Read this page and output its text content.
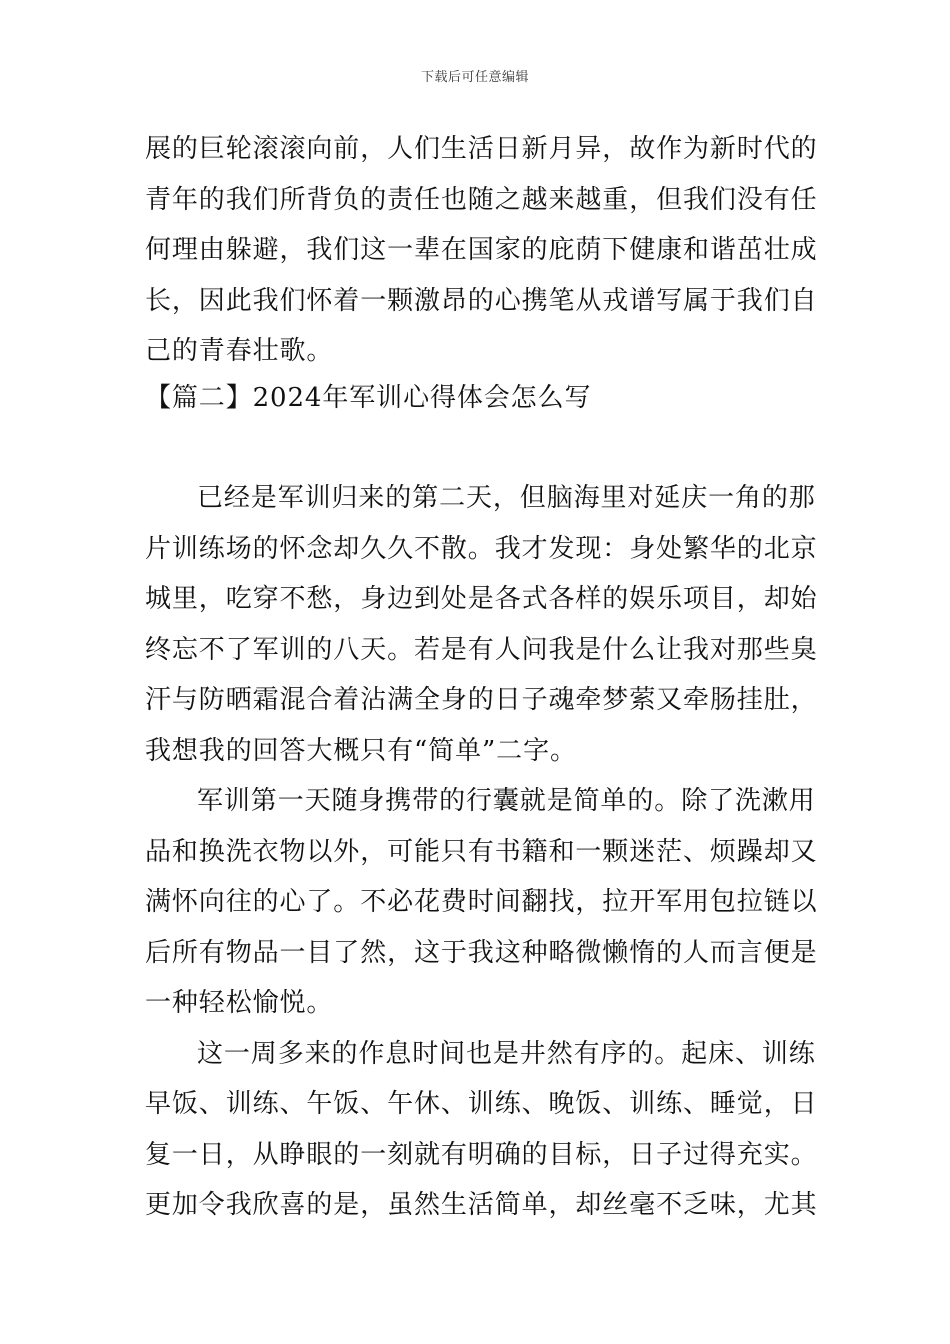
下载后可任意编辑
展的巨轮滚滚向前，人们生活日新月异，故作为新时代的
青年的我们所背负的责任也随之越来越重，但我们没有任
何理由躲避，我们这一辈在国家的庇荫下健康和谐茁壮成
长，因此我们怀着一颗激昂的心携笔从戎谱写属于我们自
己的青春壮歌。
【篇二】2024年军训心得体会怎么写
已经是军训归来的第二天，但脑海里对延庆一角的那
片训练场的怀念却久久不散。我才发现：身处繁华的北京
城里，吃穿不愁，身边到处是各式各样的娱乐项目，却始
终忘不了军训的八天。若是有人问我是什么让我对那些臭
汗与防晒霜混合着沾满全身的日子魂牵梦萦又牵肠挂肚，
我想我的回答大概只有“简单”二字。
军训第一天随身携带的行囊就是简单的。除了洗漱用
品和换洗衣物以外，可能只有书籍和一颗迷茫、烦躁却又
满怀向往的心了。不必花费时间翻找，拉开军用包拉链以
后所有物品一目了然，这于我这种略微懒惰的人而言便是
一种轻松愉悦。
这一周多来的作息时间也是井然有序的。起床、训练
早饭、训练、午饭、午休、训练、晚饭、训练、睡觉，日
复一日，从睁眼的一刻就有明确的目标，日子过得充实。
更加令我欣喜的是，虽然生活简单，却丝毫不乏味，尤其
